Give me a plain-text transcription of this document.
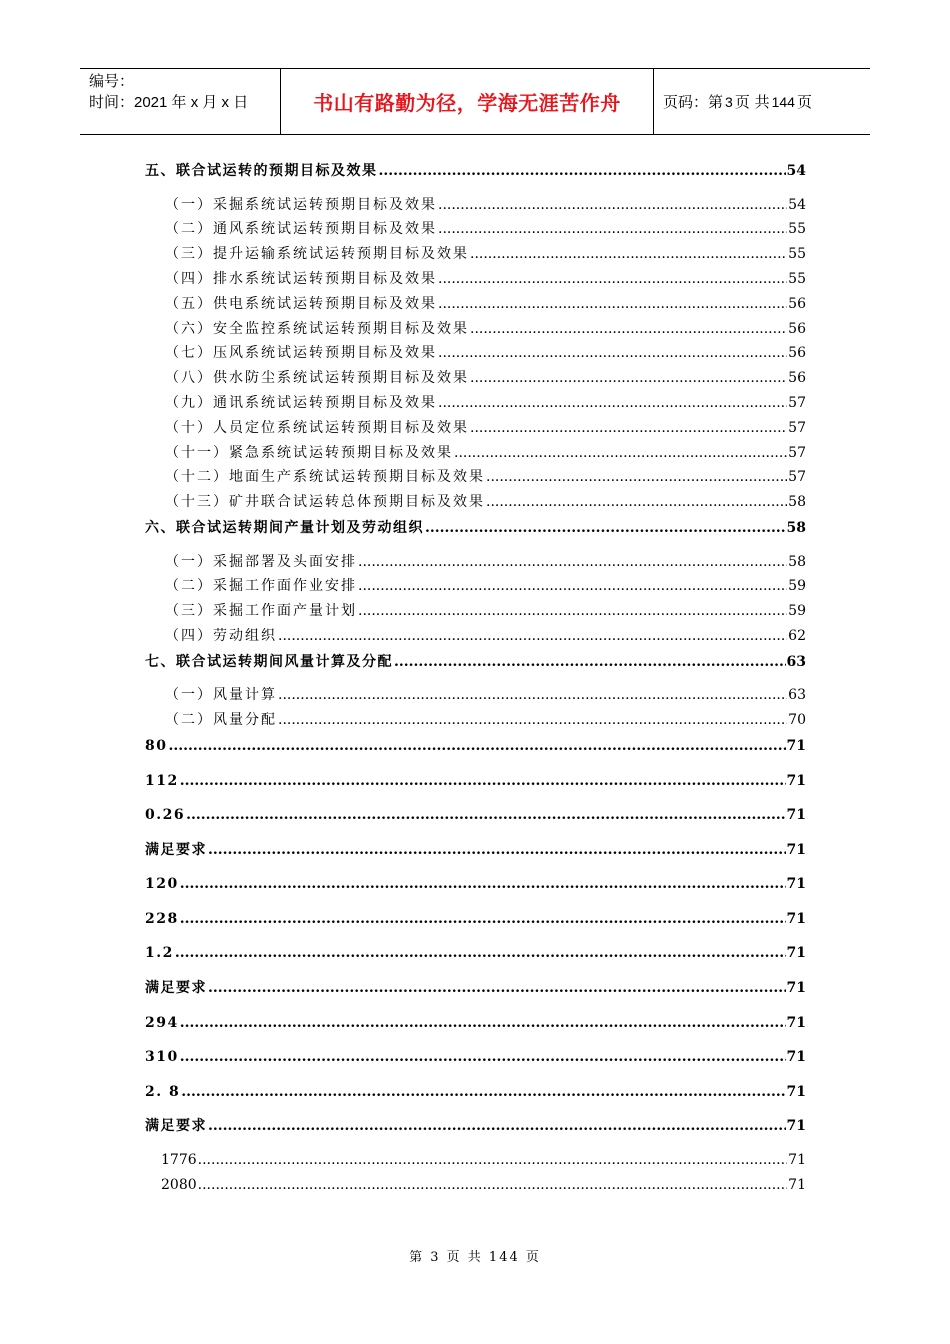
编号：
时间：2021 年 x 月 x 日	书山有路勤为径，学海无涯苦作舟	页码：第 3 页 共 144 页
五、联合试运转的预期目标及效果 .....	54
（一）采掘系统试运转预期目标及效果 .....	54
（二）通风系统试运转预期目标及效果 .....	55
（三）提升运输系统试运转预期目标及效果 .....	55
（四）排水系统试运转预期目标及效果 .....	55
（五）供电系统试运转预期目标及效果 .....	56
（六）安全监控系统试运转预期目标及效果 .....	56
（七）压风系统试运转预期目标及效果 .....	56
（八）供水防尘系统试运转预期目标及效果 .....	56
（九）通讯系统试运转预期目标及效果 .....	57
（十）人员定位系统试运转预期目标及效果 .....	57
（十一）紧急系统试运转预期目标及效果 .....	57
（十二）地面生产系统试运转预期目标及效果 .....	57
（十三）矿井联合试运转总体预期目标及效果 .....	58
六、联合试运转期间产量计划及劳动组织 .....	58
（一）采掘部署及头面安排 .....	58
（二）采掘工作面作业安排 .....	59
（三）采掘工作面产量计划 .....	59
（四）劳动组织 .....	62
七、联合试运转期间风量计算及分配 .....	63
（一）风量计算 .....	63
（二）风量分配 .....	70
80 .....	71
112 .....	71
0.26 .....	71
满足要求 .....	71
120 .....	71
228 .....	71
1.2 .....	71
满足要求 .....	71
294 .....	71
310 .....	71
2. 8 .....	71
满足要求 .....	71
1776 .....	71
2080 .....	71
第 3 页 共 144 页
